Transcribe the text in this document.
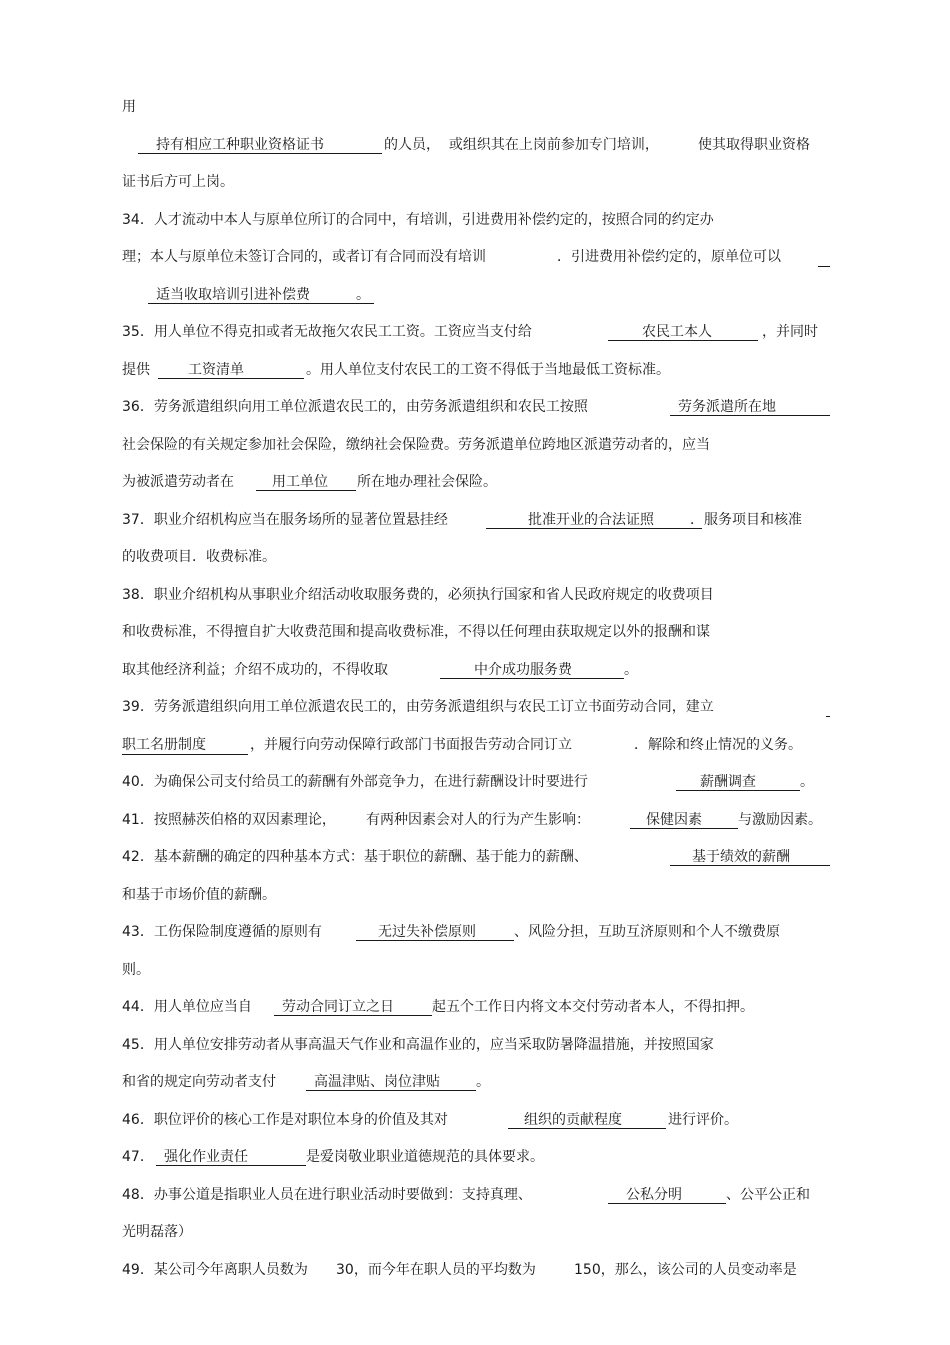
用
持有相应工种职业资格证书	的人员，  或组织其在上岗前参加专门培训，	使其取得职业资格
证书后方可上岗。
34．人才流动中本人与原单位所订的合同中，有培训，引进费用补偿约定的，按照合同的约定办
理；本人与原单位未签订合同的，或者订有合同而没有培训	．引进费用补偿约定的，原单位可以
适当收取培训引进补偿费	。
35．用人单位不得克扣或者无故拖欠农民工工资。工资应当支付给	农民工本人	，并同时
提供	工资清单	。用人单位支付农民工的工资不得低于当地最低工资标准。
36．劳务派遣组织向用工单位派遣农民工的，由劳务派遣组织和农民工按照	劳务派遣所在地
社会保险的有关规定参加社会保险，缴纳社会保险费。劳务派遣单位跨地区派遣劳动者的，应当
为被派遣劳动者在	用工单位	所在地办理社会保险。
37．职业介绍机构应当在服务场所的显著位置悬挂经	批准开业的合法证照	．服务项目和核准
的收费项目．收费标准。
38．职业介绍机构从事职业介绍活动收取服务费的，必须执行国家和省人民政府规定的收费项目
和收费标准，不得擅自扩大收费范围和提高收费标准，不得以任何理由获取规定以外的报酬和谋
取其他经济利益；介绍不成功的，不得收取	中介成功服务费	。
39．劳务派遣组织向用工单位派遣农民工的，由劳务派遣组织与农民工订立书面劳动合同，建立
职工名册制度	，并履行向劳动保障行政部门书面报告劳动合同订立	．解除和终止情况的义务。
40．为确保公司支付给员工的薪酬有外部竞争力，在进行薪酬设计时要进行	薪酬调查	。
41．按照赫茨伯格的双因素理论， 有两种因素会对人的行为产生影响：	保健因素	与激励因素。
42．基本薪酬的确定的四种基本方式：基于职位的薪酬、基于能力的薪酬、	基于绩效的薪酬
和基于市场价值的薪酬。
43．工伤保险制度遵循的原则有	无过失补偿原则	、风险分担，互助互济原则和个人不缴费原
则。
44．用人单位应当自	劳动合同订立之日	起五个工作日内将文本交付劳动者本人，不得扣押。
45．用人单位安排劳动者从事高温天气作业和高温作业的，应当采取防暑降温措施，并按照国家
和省的规定向劳动者支付	高温津贴、岗位津贴	。
46．职位评价的核心工作是对职位本身的价值及其对	组织的贡献程度	进行评价。
47． 强化作业责任	是爱岗敬业职业道德规范的具体要求。
48．办事公道是指职业人员在进行职业活动时要做到：支持真理、	公私分明	、公平公正和
光明磊落）
49．某公司今年离职人员数为 30，而今年在职人员的平均数为	150，那么，该公司的人员变动率是
